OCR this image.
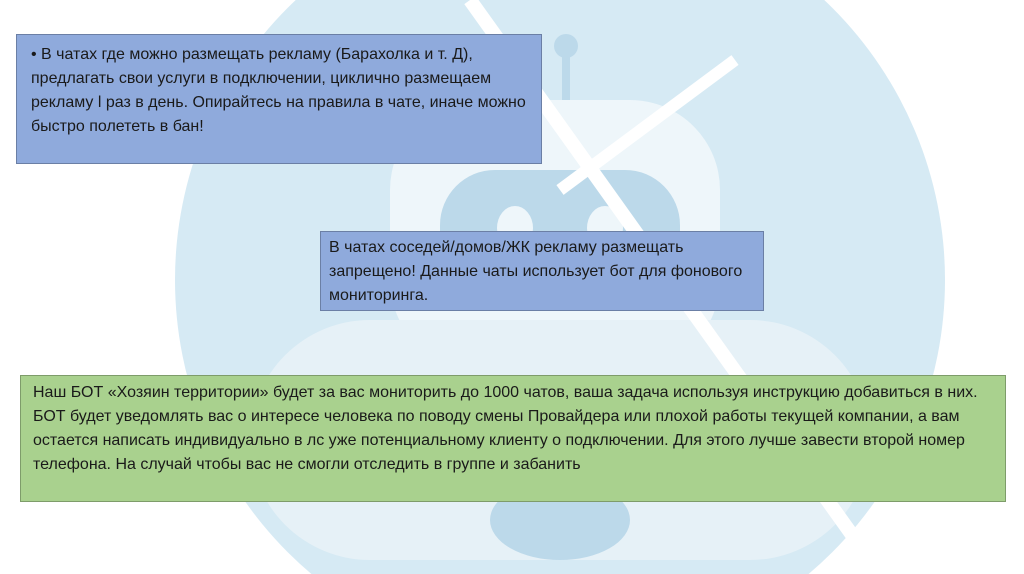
• В чатах где можно размещать рекламу (Барахолка и т. Д), предлагать свои услуги в подключении, циклично размещаем рекламу l раз в день. Опирайтесь на правила в чате, иначе можно быстро полететь в бан!
В чатах соседей/домов/ЖК рекламу размещать запрещено! Данные чаты использует бот для фонового мониторинга.
Наш БОТ «Хозяин территории» будет за вас мониторить до 1000 чатов, ваша задача используя инструкцию добавиться в них. БОТ будет уведомлять вас о интересе человека по поводу смены Провайдера или плохой работы текущей компании, а вам остается написать индивидуально в лс уже потенциальному клиенту о подключении. Для этого лучше завести второй номер телефона. На случай чтобы вас не смогли отследить в группе и забанить
